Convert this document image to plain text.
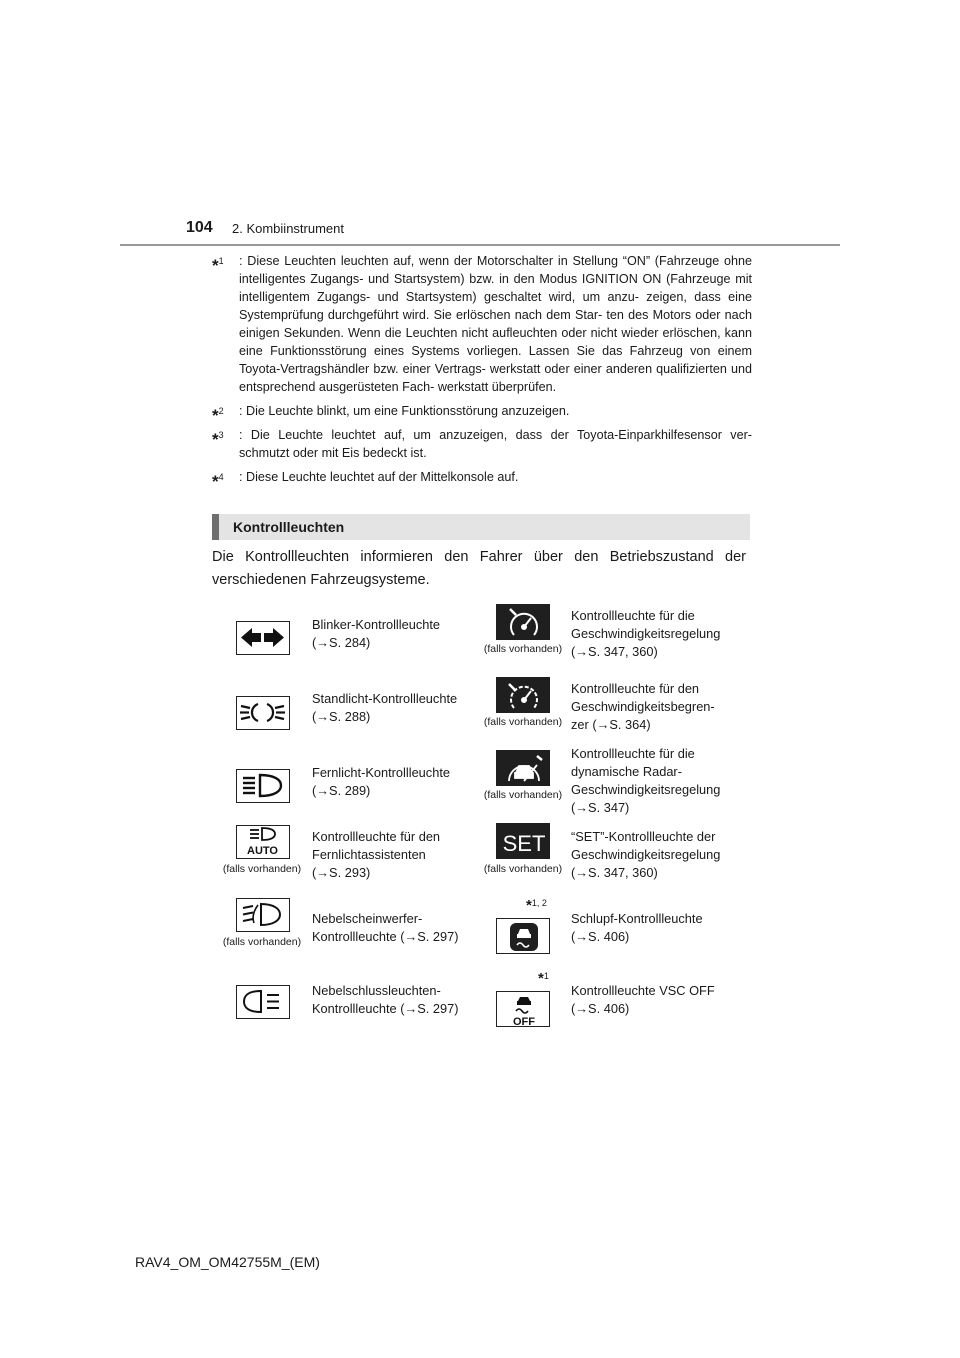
104 2. Kombiinstrument
*$^1$ : Diese Leuchten leuchten auf, wenn der Motorschalter in Stellung “ON” (Fahrzeuge ohne intelligentes Zugangs- und Startsystem) bzw. in den Modus IGNITION ON (Fahrzeuge mit intelligentem Zugangs- und Startsystem) geschaltet wird, um anzu- zeigen, dass eine Systemprüfung durchgeführt wird. Sie erlöschen nach dem Star- ten des Motors oder nach einigen Sekunden. Wenn die Leuchten nicht aufleuchten oder nicht wieder erlöschen, kann eine Funktionsstörung eines Systems vorliegen. Lassen Sie das Fahrzeug von einem Toyota-Vertragshändler bzw. einer Vertrags- werkstatt oder einer anderen qualifizierten und entsprechend ausgerüsteten Fach- werkstatt überprüfen.
*$^2$ : Die Leuchte blinkt, um eine Funktionsstörung anzuzeigen.
*$^3$ : Die Leuchte leuchtet auf, um anzuzeigen, dass der Toyota-Einparkhilfesensor ver- schmutzt oder mit Eis bedeckt ist.
*$^4$ : Diese Leuchte leuchtet auf der Mittelkonsole auf.
Kontrollleuchten
Die Kontrollleuchten informieren den Fahrer über den Betriebszustand der verschiedenen Fahrzeugsysteme.
AUTO
(falls vorhanden)
(falls vorhanden)
Blinker-Kontrollleuchte
(→S. 284)
Standlicht-Kontrollleuchte
(→S. 288)
Fernlicht-Kontrollleuchte
(→S. 289)
Kontrollleuchte für den
Fernlichtassistenten
(→S. 293)
Nebelscheinwerfer-
Kontrollleuchte (→S. 297)
Nebelschlussleuchten-
Kontrollleuchte (→S. 297)
SET
OFF
(falls vorhanden)
(falls vorhanden)
(falls vorhanden)
(falls vorhanden)
*$^{1, 2}$
*$^1$
Kontrollleuchte für die
Geschwindigkeitsregelung
(→S. 347, 360)
Kontrollleuchte für den
Geschwindigkeitsbegren-
zer (→S. 364)
Kontrollleuchte für die
dynamische Radar-
Geschwindigkeitsregelung
(→S. 347)
“SET”-Kontrollleuchte der
Geschwindigkeitsregelung
(→S. 347, 360)
Schlupf-Kontrollleuchte
(→S. 406)
Kontrollleuchte VSC OFF
(→S. 406)
RAV4_OM_OM42755M_(EM)
